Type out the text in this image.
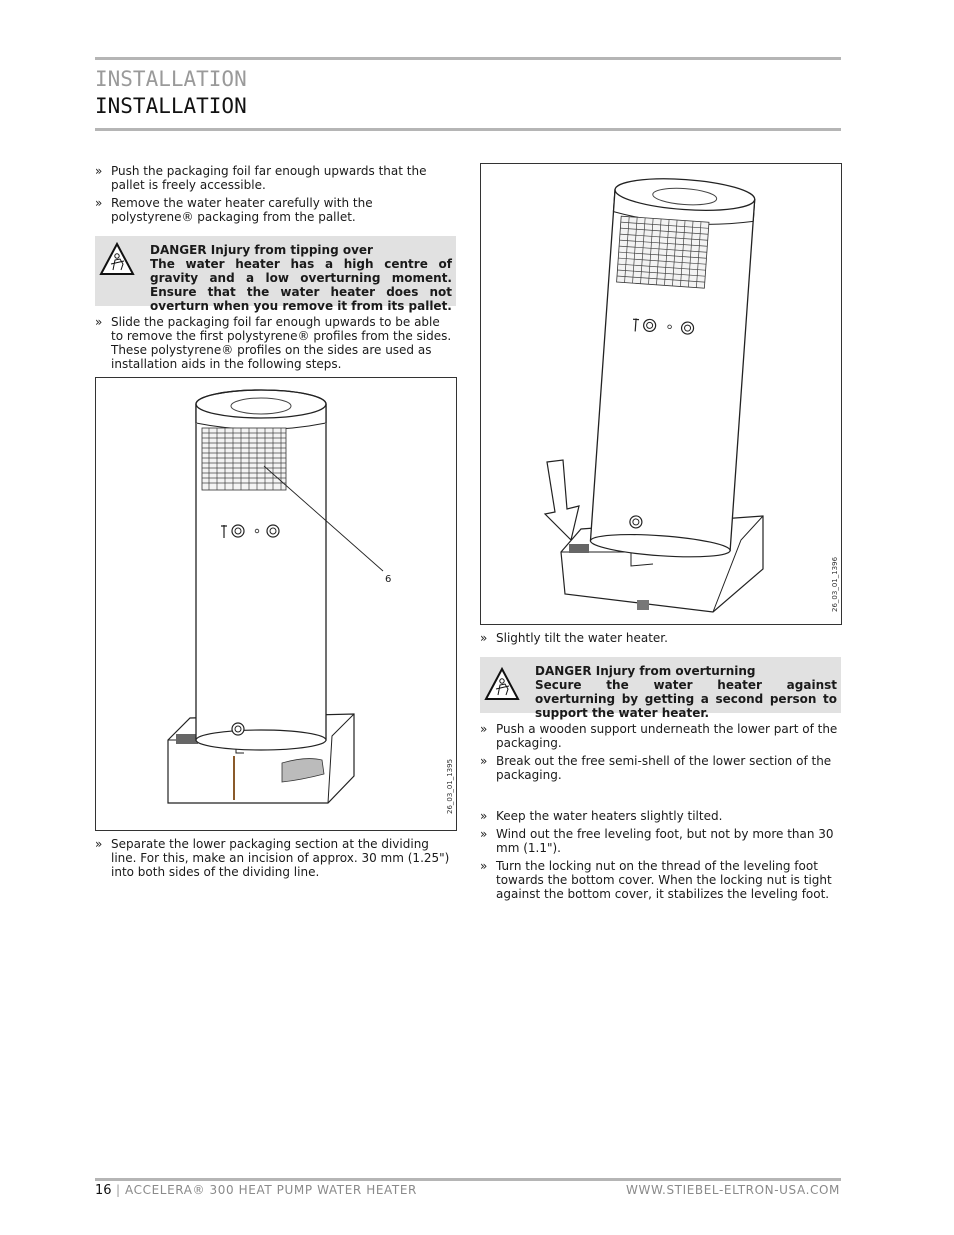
INSTALLATION
INSTALLATION

» Push the packaging foil far enough upwards that the pallet is freely accessible.

» Remove the water heater carefully with the polystyrene® packaging from the pallet.

DANGER Injury from tipping over
The water heater has a high centre of gravity and a low overturning moment. Ensure that the water heater does not overturn when you remove it from its pallet.

» Slide the packaging foil far enough upwards to be able to remove the first polystyrene® profiles from the sides. These polystyrene® profiles on the sides are used as installation aids in the following steps.

6
26_03_01_1395

» Separate the lower packaging section at the dividing line. For this, make an incision of approx. 30 mm (1.25") into both sides of the dividing line.

26_03_01_1396

» Slightly tilt the water heater.

DANGER Injury from overturning
Secure the water heater against overturning by getting a second person to support the water heater.

» Push a wooden support underneath the lower part of the packaging.

» Break out the free semi-shell of the lower section of the packaging.

» Keep the water heaters slightly tilted.

» Wind out the free leveling foot, but not by more than 30 mm (1.1").

» Turn the locking nut on the thread of the leveling foot towards the bottom cover. When the locking nut is tight against the bottom cover, it stabilizes the leveling foot.

16 | ACCELERA® 300 HEAT PUMP WATER HEATER	WWW.STIEBEL-ELTRON-USA.COM
